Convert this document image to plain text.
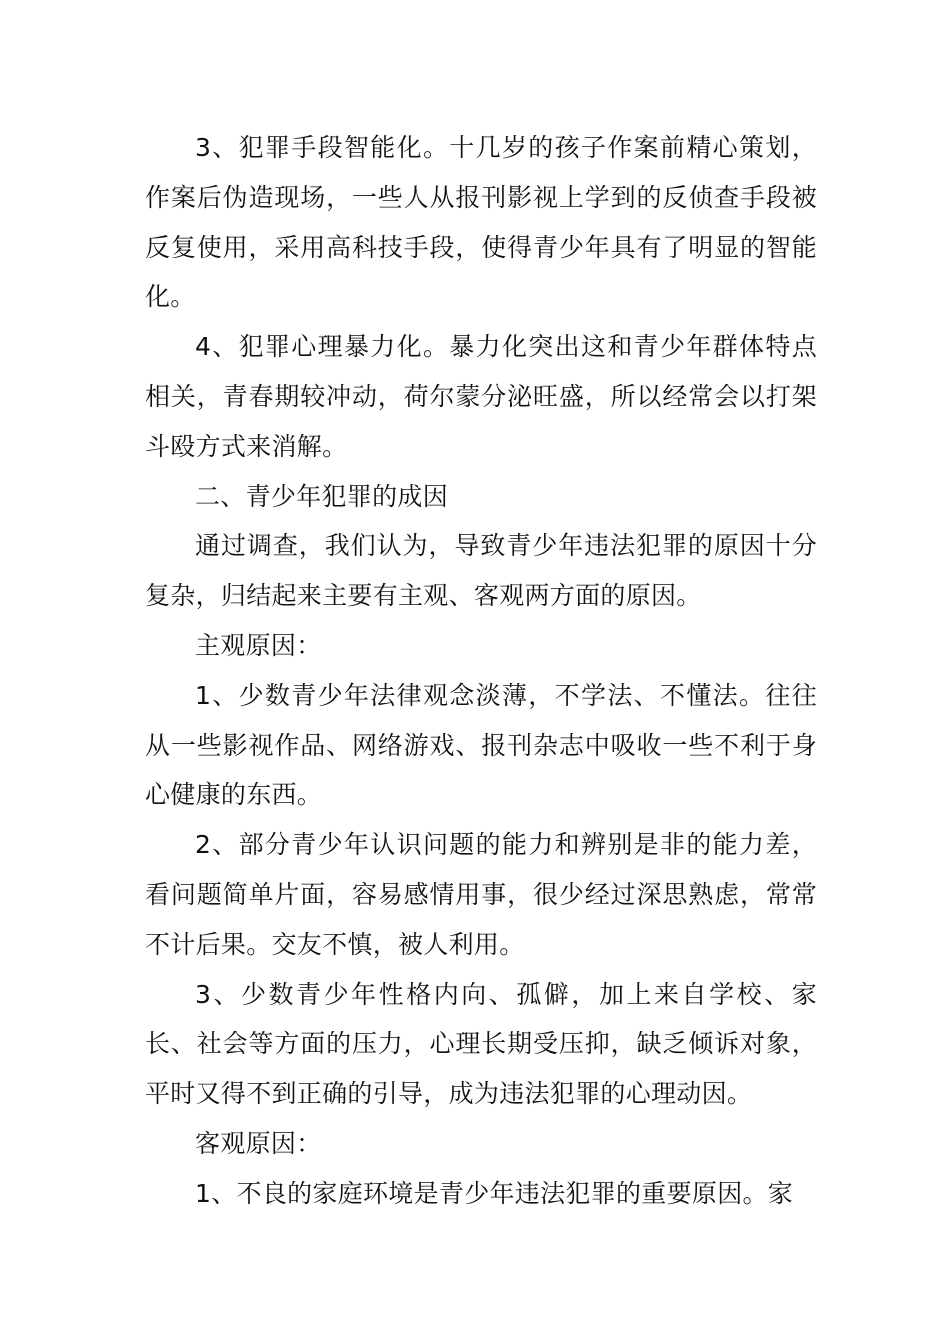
3、犯罪手段智能化。十几岁的孩子作案前精心策划，作案后伪造现场，一些人从报刊影视上学到的反侦查手段被反复使用，采用高科技手段，使得青少年具有了明显的智能化。

4、犯罪心理暴力化。暴力化突出这和青少年群体特点相关，青春期较冲动，荷尔蒙分泌旺盛，所以经常会以打架斗殴方式来消解。

二、青少年犯罪的成因

通过调查，我们认为，导致青少年违法犯罪的原因十分复杂，归结起来主要有主观、客观两方面的原因。

主观原因：

1、少数青少年法律观念淡薄，不学法、不懂法。往往从一些影视作品、网络游戏、报刊杂志中吸收一些不利于身心健康的东西。

2、部分青少年认识问题的能力和辨别是非的能力差，看问题简单片面，容易感情用事，很少经过深思熟虑，常常不计后果。交友不慎，被人利用。

3、少数青少年性格内向、孤僻，加上来自学校、家长、社会等方面的压力，心理长期受压抑，缺乏倾诉对象，平时又得不到正确的引导，成为违法犯罪的心理动因。

客观原因：

1、不良的家庭环境是青少年违法犯罪的重要原因。家
